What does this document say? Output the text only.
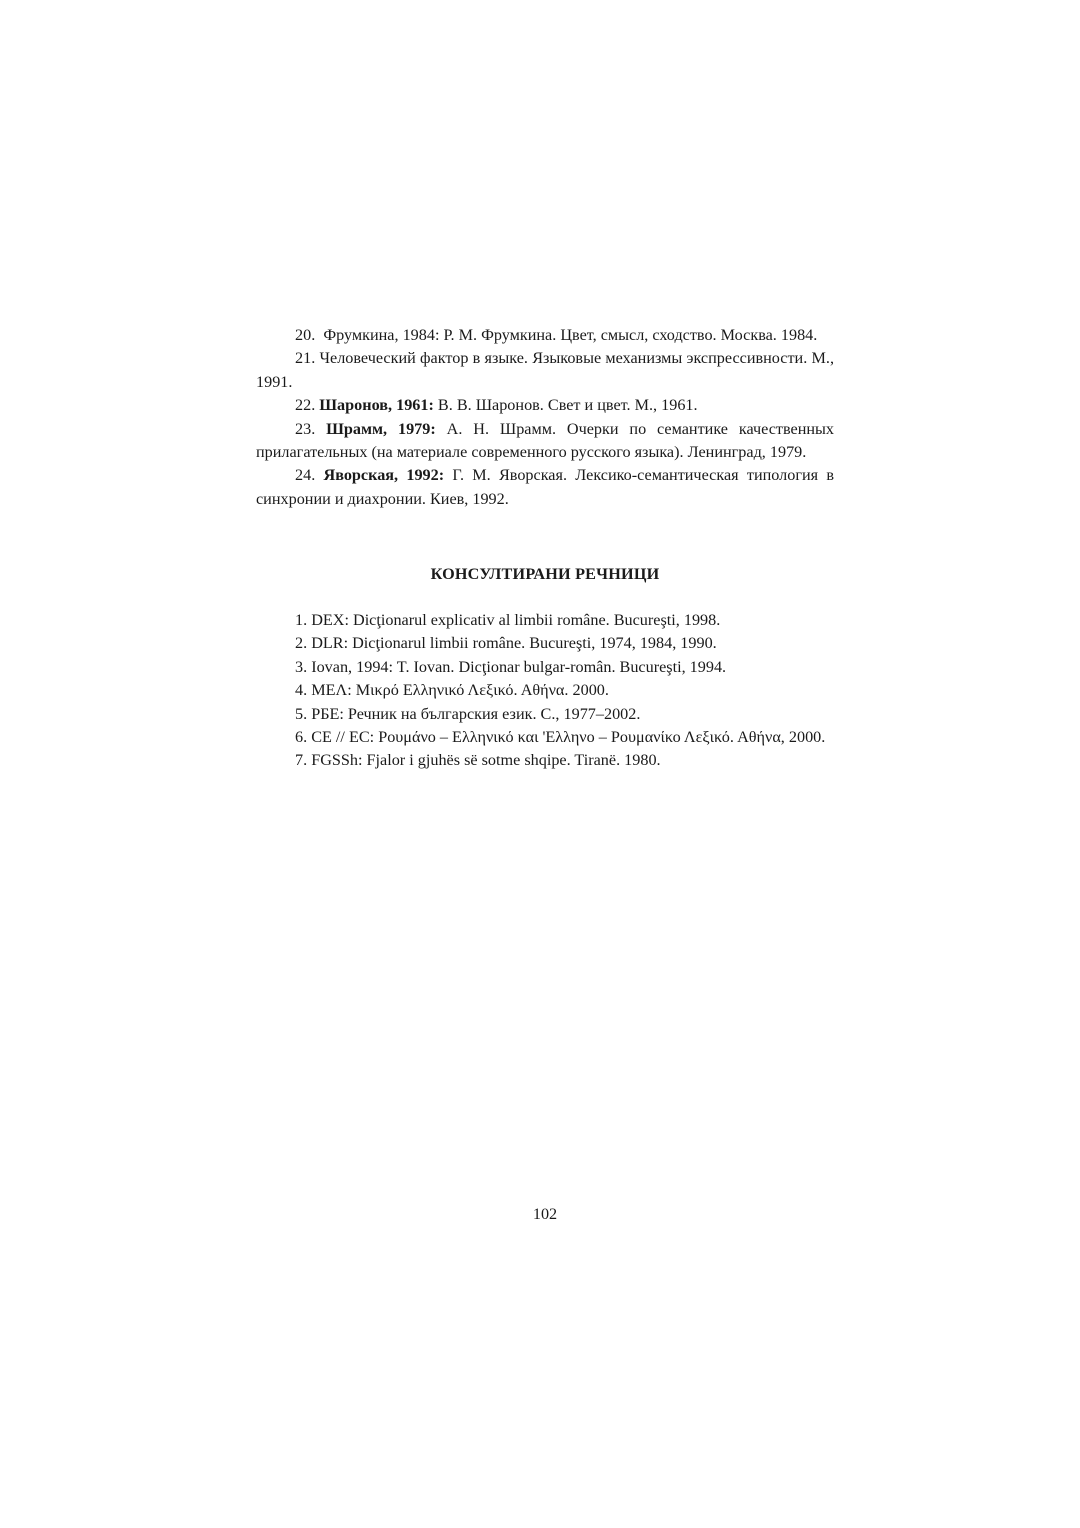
20. Фрумкина, 1984: Р. М. Фрумкина. Цвет, смысл, сходство. Москва. 1984.

21. Человеческий фактор в языке. Языковые механизмы экспрессивности. М., 1991.

22. Шаронов, 1961: В. В. Шаронов. Свет и цвет. М., 1961.

23. Шрамм, 1979: А. Н. Шрамм. Очерки по семантике качественных прилагательных (на материале современного русского языка). Ленинград, 1979.

24. Яворская, 1992: Г. М. Яворская. Лексико-семантическая типология в синхронии и диахронии. Киев, 1992.

КОНСУЛТИРАНИ РЕЧНИЦИ

1. DEX: Dicţionarul explicativ al limbii române. Bucureşti, 1998.

2. DLR: Dicţionarul limbii române. Bucureşti, 1974, 1984, 1990.

3. Iovan, 1994: T. Iovan. Dicţionar bulgar-român. Bucureşti, 1994.

4. МЕΛ: Μικρό Ελληνικό Λεξικό. Αθήνα. 2000.

5. РБЕ: Речник на българския език. С., 1977–2002.

6. СЕ // ЕС: Ρουμάνο – Ελληνικό και 'Ελληνο – Ρουμανίκο Λεξικό. Αθήνα, 2000.

7. FGSSh: Fjalor i gjuhës së sotme shqipe. Tiranë. 1980.

102
